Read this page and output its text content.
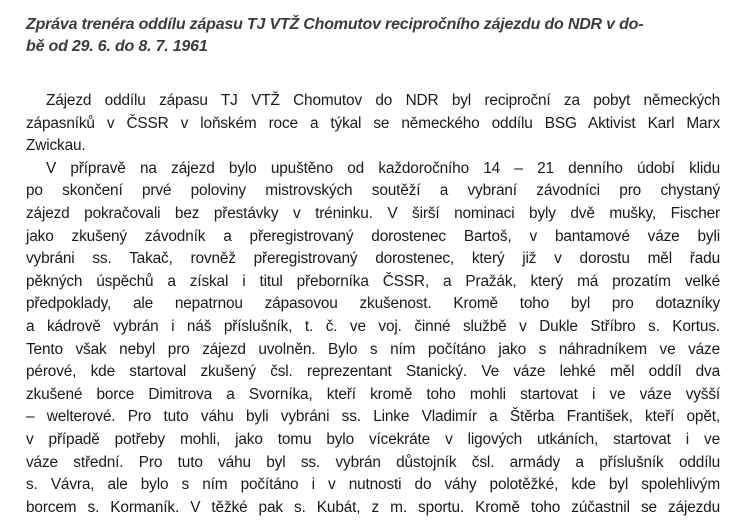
Zpráva trenéra oddílu zápasu TJ VTŽ Chomutov recipročního zájezdu do NDR v do-
bě od 29. 6. do 8. 7. 1961

Zájezd oddílu zápasu TJ VTŽ Chomutov do NDR byl reciproční za pobyt německých
zápasníků v ČSSR v loňském roce a týkal se německého oddílu BSG Aktivist Karl Marx
Zwickau.

V přípravě na zájezd bylo upuštěno od každoročního 14 – 21 denního údobí klidu
po skončení prvé poloviny mistrovských soutěží a vybraní závodníci pro chystaný
zájezd pokračovali bez přestávky v tréninku. V širší nominaci byly dvě mušky, Fischer
jako zkušený závodník a přeregistrovaný dorostenec Bartoš, v bantamové váze byli
vybráni ss. Takač, rovněž přeregistrovaný dorostenec, který již v dorostu měl řadu
pěkných úspěchů a získal i titul přeborníka ČSSR, a Pražák, který má prozatím velké
předpoklady, ale nepatrnou zápasovou zkušenost. Kromě toho byl pro dotazníky
a kádrově vybrán i náš příslušník, t. č. ve voj. činné službě v Dukle Stříbro s. Kortus.
Tento však nebyl pro zájezd uvolněn. Bylo s ním počítáno jako s náhradníkem ve váze
pérové, kde startoval zkušený čsl. reprezentant Stanický. Ve váze lehké měl oddíl dva
zkušené borce Dimitrova a Svorníka, kteří kromě toho mohli startovat i ve váze vyšší
– welterové. Pro tuto váhu byli vybráni ss. Linke Vladimír a Štěrba František, kteří opět,
v případě potřeby mohli, jako tomu bylo vícekráte v ligových utkáních, startovat i ve
váze střední. Pro tuto váhu byl ss. vybrán důstojník čsl. armády a příslušník oddílu
s. Vávra, ale bylo s ním počítáno i v nutnosti do váhy polotěžké, kde byl spolehlivým
borcem s. Kormaník. V těžké pak s. Kubát, z m. sportu. Kromě toho zúčastnil se zájezdu
